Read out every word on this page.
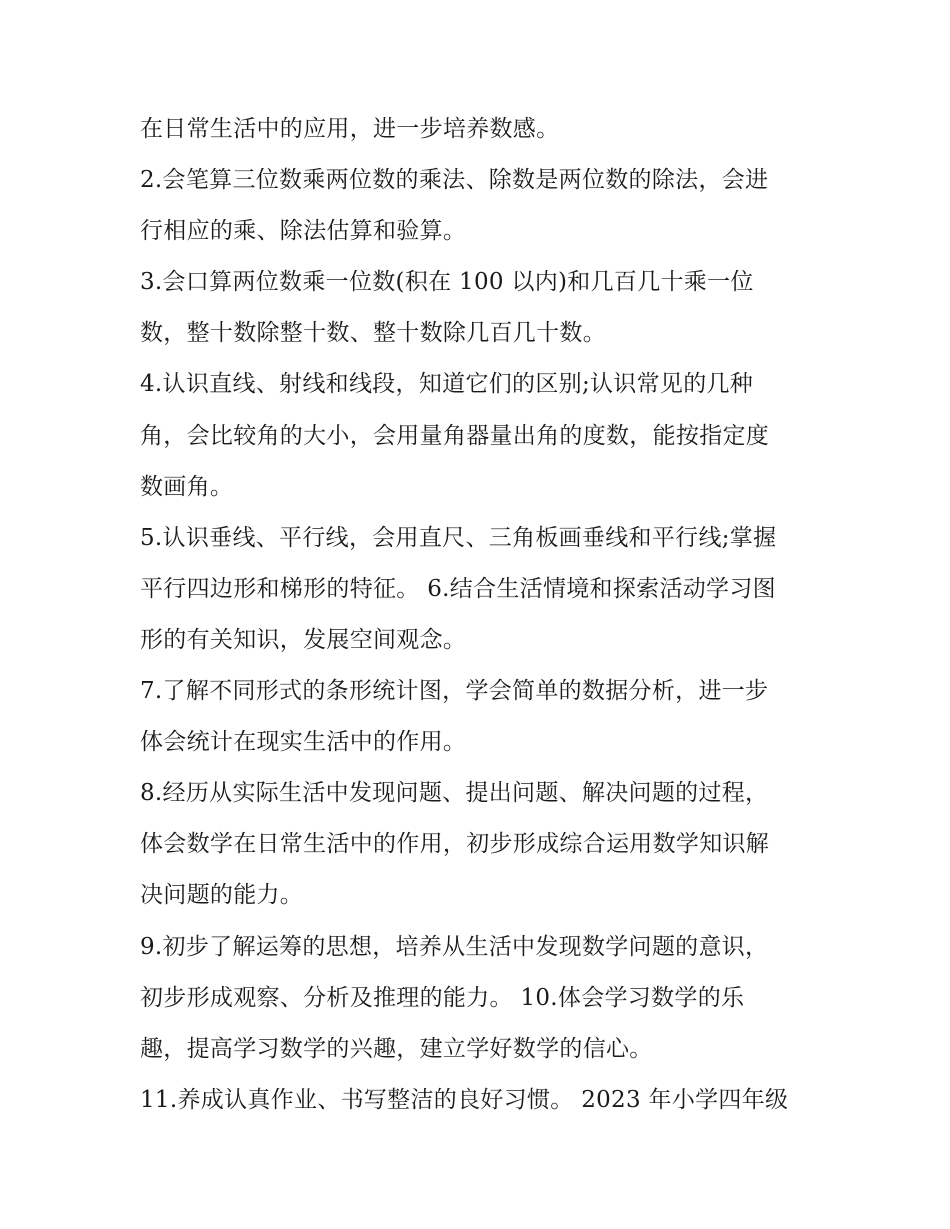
在日常生活中的应用，进一步培养数感。
2.会笔算三位数乘两位数的乘法、除数是两位数的除法，会进
行相应的乘、除法估算和验算。
3.会口算两位数乘一位数(积在 100 以内)和几百几十乘一位
数，整十数除整十数、整十数除几百几十数。
4.认识直线、射线和线段，知道它们的区别;认识常见的几种
角，会比较角的大小，会用量角器量出角的度数，能按指定度
数画角。
5.认识垂线、平行线，会用直尺、三角板画垂线和平行线;掌握
平行四边形和梯形的特征。 6.结合生活情境和探索活动学习图
形的有关知识，发展空间观念。
7.了解不同形式的条形统计图，学会简单的数据分析，进一步
体会统计在现实生活中的作用。
8.经历从实际生活中发现问题、提出问题、解决问题的过程，
体会数学在日常生活中的作用，初步形成综合运用数学知识解
决问题的能力。
9.初步了解运筹的思想，培养从生活中发现数学问题的意识，
初步形成观察、分析及推理的能力。 10.体会学习数学的乐
趣，提高学习数学的兴趣，建立学好数学的信心。
11.养成认真作业、书写整洁的良好习惯。 2023 年小学四年级
